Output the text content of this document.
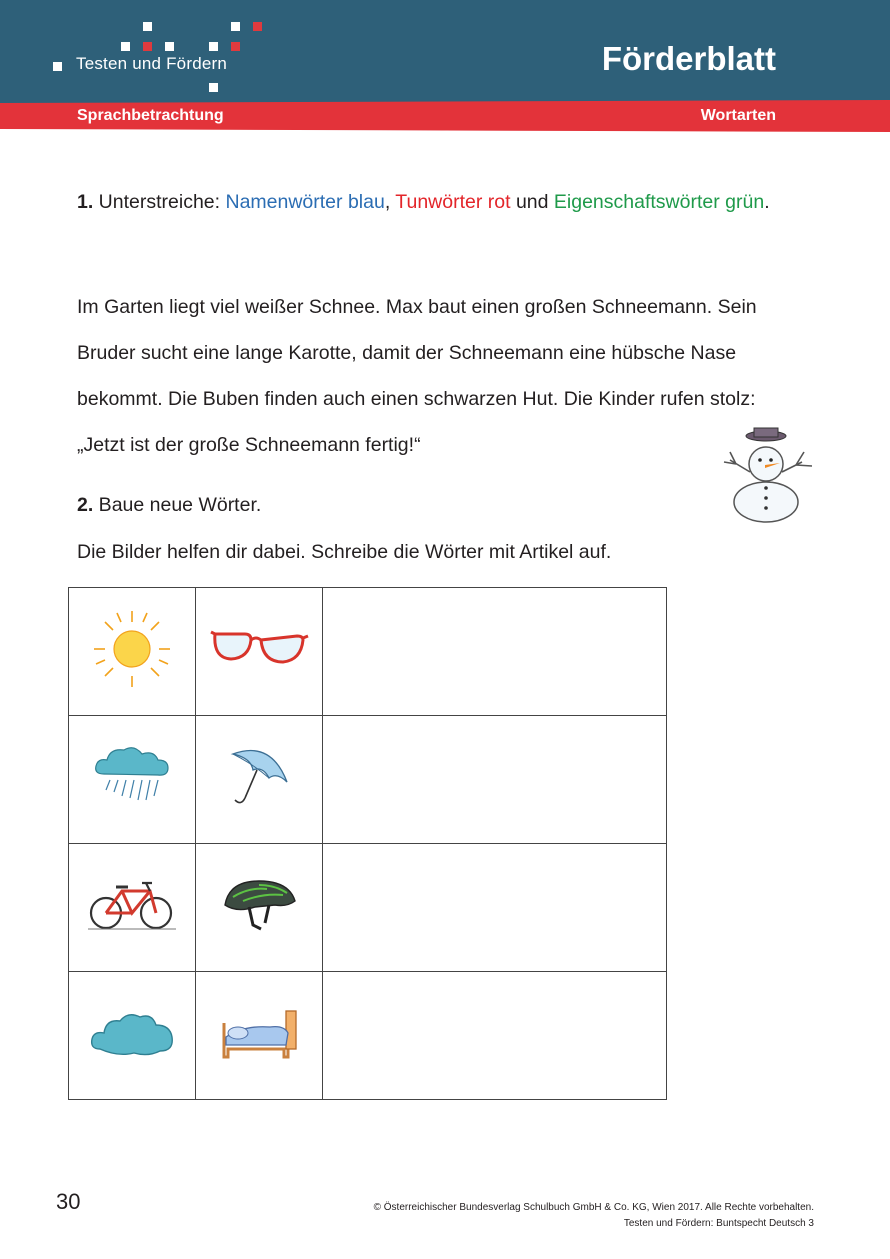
Testen und Fördern	Förderblatt
Sprachbetrachtung	Wortarten
1. Unterstreiche: Namenwörter blau, Tunwörter rot und Eigenschaftswörter grün.
Im Garten liegt viel weißer Schnee. Max baut einen großen Schneemann. Sein
Bruder sucht eine lange Karotte, damit der Schneemann eine hübsche Nase
bekommt. Die Buben finden auch einen schwarzen Hut. Die Kinder rufen stolz:
„Jetzt ist der große Schneemann fertig!“
2. Baue neue Wörter.
Die Bilder helfen dir dabei. Schreibe die Wörter mit Artikel auf.

30	© Österreichischer Bundesverlag Schulbuch GmbH & Co. KG, Wien 2017. Alle Rechte vorbehalten.
Testen und Fördern: Buntspecht Deutsch 3
